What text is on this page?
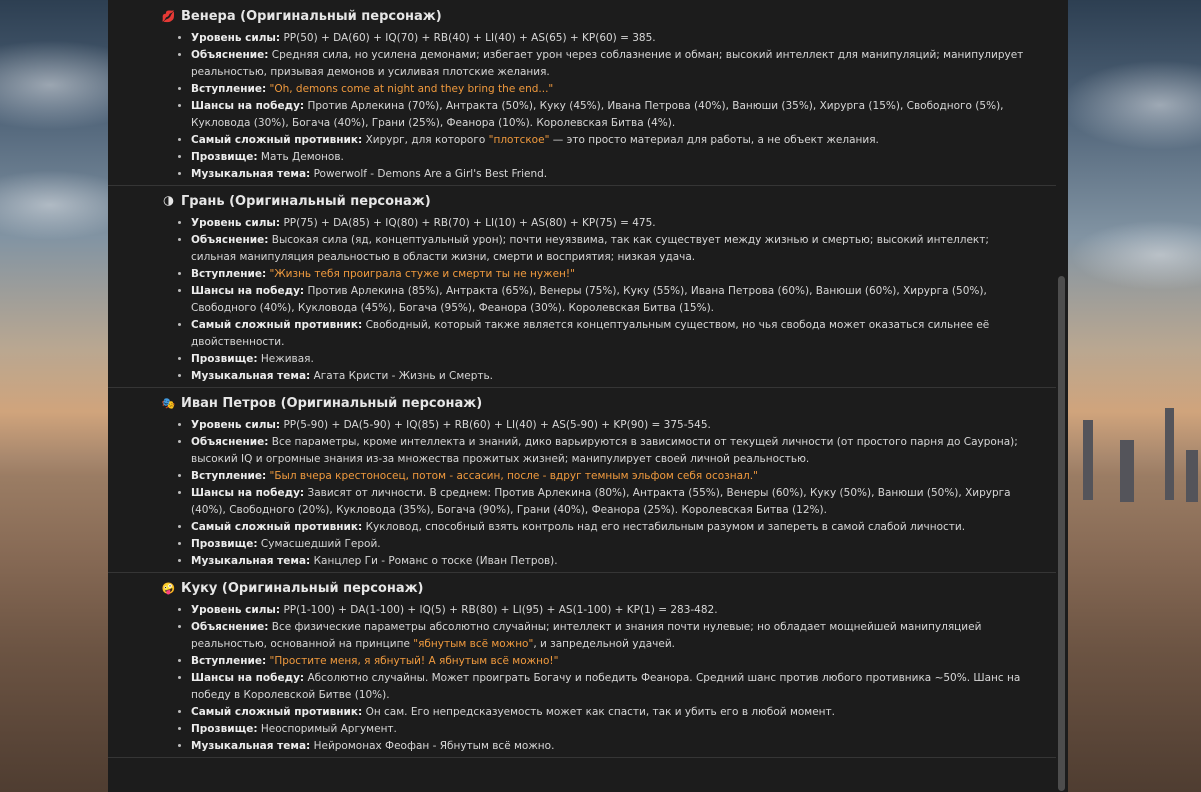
💋 Венера (Оригинальный персонаж)
• Уровень силы: PP(50) + DA(60) + IQ(70) + RB(40) + LI(40) + AS(65) + KP(60) = 385.
• Объяснение: Средняя сила, но усилена демонами; избегает урон через соблазнение и обман; высокий интеллект для манипуляций; манипулирует реальностью, призывая демонов и усиливая плотские желания.
• Вступление: "Oh, demons come at night and they bring the end..."
• Шансы на победу: Против Арлекина (70%), Антракта (50%), Куку (45%), Ивана Петрова (40%), Ванюши (35%), Хирурга (15%), Свободного (5%), Кукловода (30%), Богача (40%), Грани (25%), Феанора (10%). Королевская Битва (4%).
• Самый сложный противник: Хирург, для которого "плотское" — это просто материал для работы, а не объект желания.
• Прозвище: Мать Демонов.
• Музыкальная тема: Powerwolf - Demons Are a Girl's Best Friend.
🌗 Грань (Оригинальный персонаж)
• Уровень силы: PP(75) + DA(85) + IQ(80) + RB(70) + LI(10) + AS(80) + KP(75) = 475.
• Объяснение: Высокая сила (яд, концептуальный урон); почти неуязвима, так как существует между жизнью и смертью; высокий интеллект; сильная манипуляция реальностью в области жизни, смерти и восприятия; низкая удача.
• Вступление: "Жизнь тебя проиграла стуже и смерти ты не нужен!"
• Шансы на победу: Против Арлекина (85%), Антракта (65%), Венеры (75%), Куку (55%), Ивана Петрова (60%), Ванюши (60%), Хирурга (50%), Свободного (40%), Кукловода (45%), Богача (95%), Феанора (30%). Королевская Битва (15%).
• Самый сложный противник: Свободный, который также является концептуальным существом, но чья свобода может оказаться сильнее её двойственности.
• Прозвище: Неживая.
• Музыкальная тема: Агата Кристи - Жизнь и Смерть.
🎭 Иван Петров (Оригинальный персонаж)
• Уровень силы: PP(5-90) + DA(5-90) + IQ(85) + RB(60) + LI(40) + AS(5-90) + KP(90) = 375-545.
• Объяснение: Все параметры, кроме интеллекта и знаний, дико варьируются в зависимости от текущей личности (от простого парня до Саурона); высокий IQ и огромные знания из-за множества прожитых жизней; манипулирует своей личной реальностью.
• Вступление: "Был вчера крестоносец, потом - ассасин, после - вдруг темным эльфом себя осознал."
• Шансы на победу: Зависят от личности. В среднем: Против Арлекина (80%), Антракта (55%), Венеры (60%), Куку (50%), Ванюши (50%), Хирурга (40%), Свободного (20%), Кукловода (35%), Богача (90%), Грани (40%), Феанора (25%). Королевская Битва (12%).
• Самый сложный противник: Кукловод, способный взять контроль над его нестабильным разумом и запереть в самой слабой личности.
• Прозвище: Сумасшедший Герой.
• Музыкальная тема: Канцлер Ги - Романс о тоске (Иван Петров).
🤪 Куку (Оригинальный персонаж)
• Уровень силы: PP(1-100) + DA(1-100) + IQ(5) + RB(80) + LI(95) + AS(1-100) + KP(1) = 283-482.
• Объяснение: Все физические параметры абсолютно случайны; интеллект и знания почти нулевые; но обладает мощнейшей манипуляцией реальностью, основанной на принципе "ябнутым всё можно", и запредельной удачей.
• Вступление: "Простите меня, я ябнутый! А ябнутым всё можно!"
• Шансы на победу: Абсолютно случайны. Может проиграть Богачу и победить Феанора. Средний шанс против любого противника ~50%. Шанс на победу в Королевской Битве (10%).
• Самый сложный противник: Он сам. Его непредсказуемость может как спасти, так и убить его в любой момент.
• Прозвище: Неоспоримый Аргумент.
• Музыкальная тема: Нейромонах Феофан - Ябнутым всё можно.
